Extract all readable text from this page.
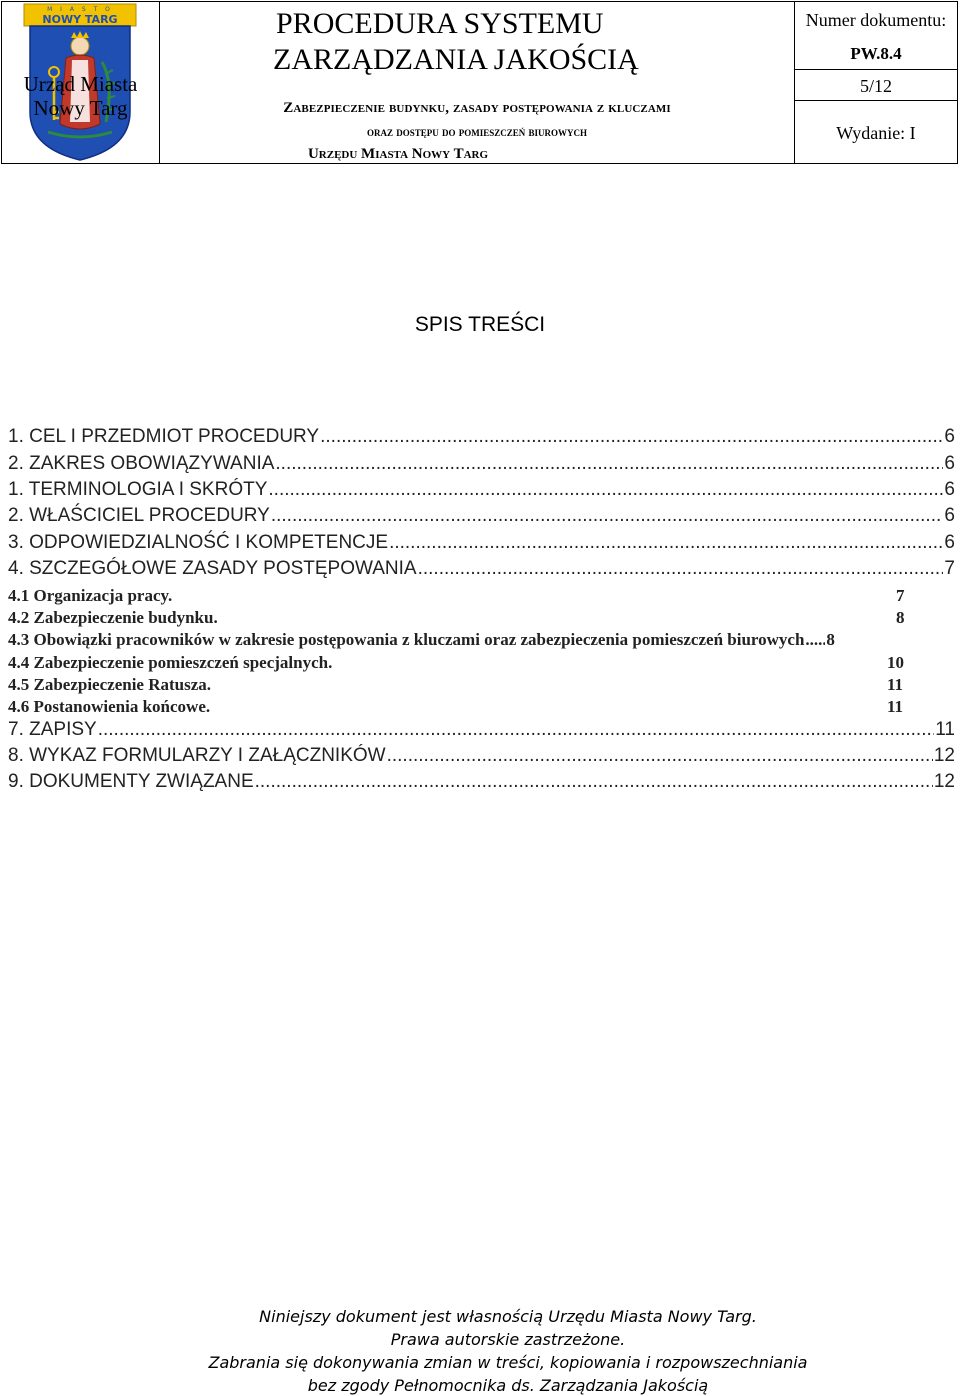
M I A S T O
NOWY TARG
Urząd Miasta
Nowy Targ
PROCEDURA SYSTEMU
ZARZĄDZANIA JAKOŚCIĄ
Zabezpieczenie budynku, zasady postępowania z kluczami
oraz dostępu do pomieszczeń biurowych
Urzędu Miasta Nowy Targ
Numer dokumentu:
PW.8.4
5/12
Wydanie: I
SPIS TREŚCI
1. CEL I PRZEDMIOT PROCEDURY .....	6
2. ZAKRES OBOWIĄZYWANIA .....	6
1. TERMINOLOGIA I SKRÓTY .....	6
2. WŁAŚCICIEL PROCEDURY .....	6
3. ODPOWIEDZIALNOŚĆ I KOMPETENCJE .....	6
4. SZCZEGÓŁOWE ZASADY POSTĘPOWANIA .....	7
4.1 Organizacja pracy.	7
4.2 Zabezpieczenie budynku.	8
4.3 Obowiązki pracowników w zakresie postępowania z kluczami oraz zabezpieczenia pomieszczeń biurowych ..... 8
4.4 Zabezpieczenie pomieszczeń specjalnych.	10
4.5 Zabezpieczenie Ratusza.	11
4.6 Postanowienia końcowe.	11
7. ZAPISY .....	11
8. WYKAZ FORMULARZY I ZAŁĄCZNIKÓW .....	12
9. DOKUMENTY ZWIĄZANE .....	12
Niniejszy dokument jest własnością Urzędu Miasta Nowy Targ.
Prawa autorskie zastrzeżone.
Zabrania się dokonywania zmian w treści, kopiowania i rozpowszechniania
bez zgody Pełnomocnika ds. Zarządzania Jakością
